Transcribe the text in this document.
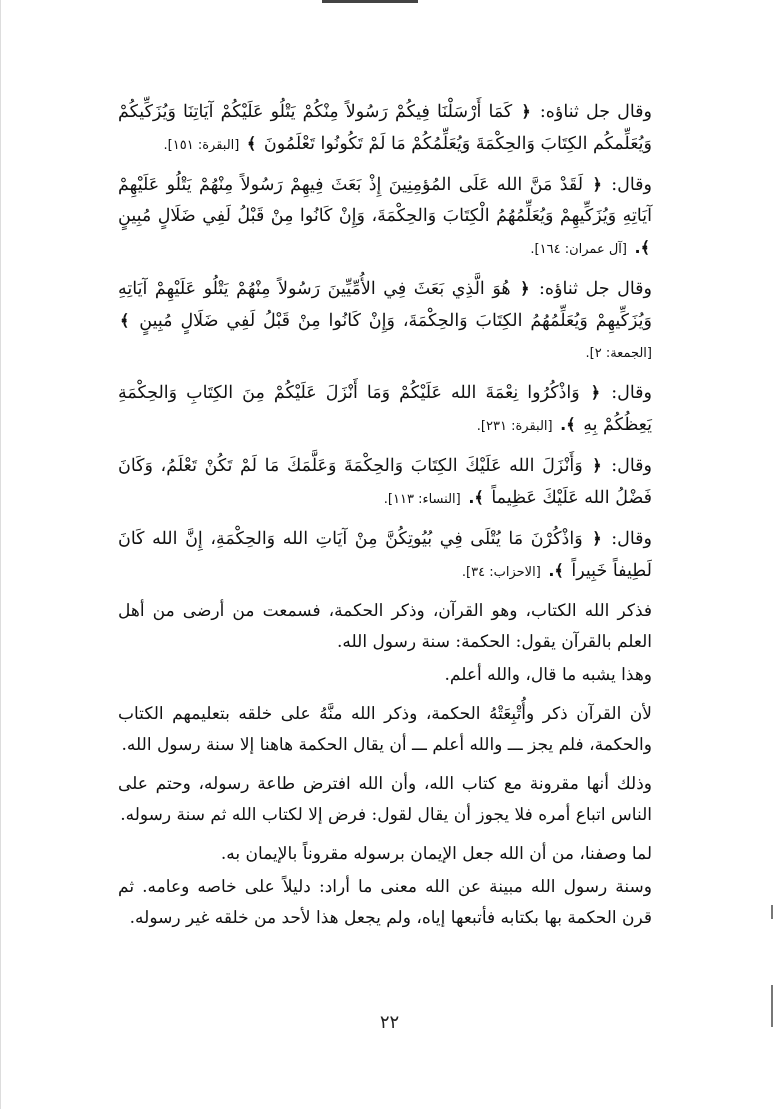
وقال جل ثناؤه: ﴿ كَمَا أَرْسَلْنَا فِيكُمْ رَسُولاً مِنْكُمْ يَتْلُو عَلَيْكُمْ آيَاتِنَا وَيُزَكِّيكُمْ وَيُعَلِّمكُم الكِتَابَ وَالحِكْمَةَ وَيُعَلِّمُكُمْ مَا لَمْ تَكُونُوا تَعْلَمُونَ ﴾ [البقرة: ١٥١].

وقال: ﴿ لَقَدْ مَنَّ الله عَلَى المُؤمِنِينَ إِذْ بَعَثَ فِيهِمْ رَسُولاً مِنْهُمْ يَتْلُو عَلَيْهِمْ آيَاتِهِ وَيُزَكِّيهِمْ وَيُعَلِّمُهُمُ الْكِتَابَ وَالحِكْمَةَ، وَإِنْ كَانُوا مِنْ قَبْلُ لَفِي ضَلَالٍ مُبِينٍ ﴾. [آل عمران: ١٦٤].

وقال جل ثناؤه: ﴿ هُوَ الَّذِي بَعَثَ فِي الأُمِّيِّينَ رَسُولاً مِنْهُمْ يَتْلُو عَلَيْهِمْ آيَاتِهِ وَيُزَكِّيهِمْ وَيُعَلِّمُهُمُ الكِتَابَ وَالحِكْمَةَ، وَإِنْ كَانُوا مِنْ قَبْلُ لَفِي ضَلَالٍ مُبِينٍ ﴾ [الجمعة: ٢].

وقال: ﴿ وَاذْكُرُوا نِعْمَةَ الله عَلَيْكُمْ وَمَا أَنْزَلَ عَلَيْكُمْ مِنَ الكِتَابِ وَالحِكْمَةِ يَعِظُكُمْ بِهِ ﴾. [البقرة: ٢٣١].

وقال: ﴿ وَأَنْزَلَ الله عَلَيْكَ الكِتَابَ وَالحِكْمَةَ وَعَلَّمَكَ مَا لَمْ تَكُنْ تَعْلَمُ، وَكَانَ فَضْلُ الله عَلَيْكَ عَظِيماً ﴾. [النساء: ١١٣].

وقال: ﴿ وَاذْكُرْنَ مَا يُتْلَى فِي بُيُوتِكُنَّ مِنْ آيَاتِ الله وَالحِكْمَةِ، إِنَّ الله كَانَ لَطِيفاً خَبِيراً ﴾. [الاحزاب: ٣٤].

فذكر الله الكتاب، وهو القرآن، وذكر الحكمة، فسمعت من أرضى من أهل العلم بالقرآن يقول: الحكمة: سنة رسول الله.

وهذا يشبه ما قال، والله أعلم.

لأن القرآن ذكر وأُتْبِعَتْهُ الحكمة، وذكر الله منَّهُ على خلقه بتعليمهم الكتاب والحكمة، فلم يجز ـــ والله أعلم ـــ أن يقال الحكمة هاهنا إلا سنة رسول الله.

وذلك أنها مقرونة مع كتاب الله، وأن الله افترض طاعة رسوله، وحتم على الناس اتباع أمره فلا يجوز أن يقال لقول: فرض إلا لكتاب الله ثم سنة رسوله.

لما وصفنا، من أن الله جعل الإيمان برسوله مقروناً بالإيمان به.

وسنة رسول الله مبينة عن الله معنى ما أراد: دليلاً على خاصه وعامه. ثم قرن الحكمة بها بكتابه فأتبعها إياه، ولم يجعل هذا لأحد من خلقه غير رسوله.

٢٢
